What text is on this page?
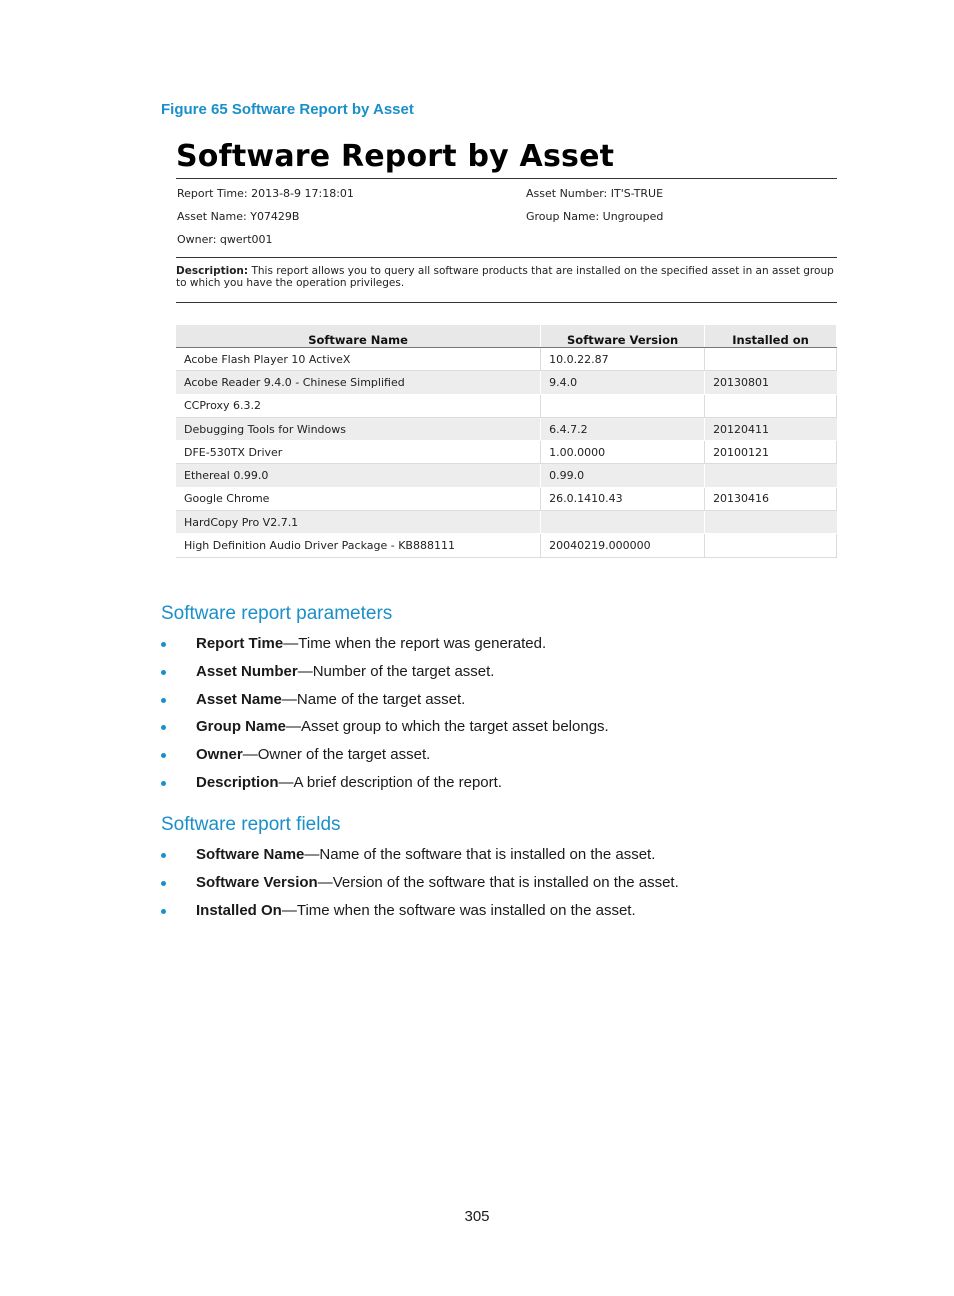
Figure 65 Software Report by Asset
Software Report by Asset
Report Time: 2013-8-9 17:18:01	Asset Number: IT'S-TRUE
Asset Name: Y07429B	Group Name: Ungrouped
Owner: qwert001
Description: This report allows you to query all software products that are installed on the specified asset in an asset group to which you have the operation privileges.
Software Name	Software Version	Installed on
Acobe Flash Player 10 ActiveX	10.0.22.87	
Acobe Reader 9.4.0 - Chinese Simplified	9.4.0	20130801
CCProxy 6.3.2		
Debugging Tools for Windows	6.4.7.2	20120411
DFE-530TX Driver	1.00.0000	20100121
Ethereal 0.99.0	0.99.0	
Google Chrome	26.0.1410.43	20130416
HardCopy Pro V2.7.1		
High Definition Audio Driver Package - KB888111	20040219.000000	
Software report parameters
Report Time—Time when the report was generated.
Asset Number—Number of the target asset.
Asset Name—Name of the target asset.
Group Name—Asset group to which the target asset belongs.
Owner—Owner of the target asset.
Description—A brief description of the report.
Software report fields
Software Name—Name of the software that is installed on the asset.
Software Version—Version of the software that is installed on the asset.
Installed On—Time when the software was installed on the asset.
305
